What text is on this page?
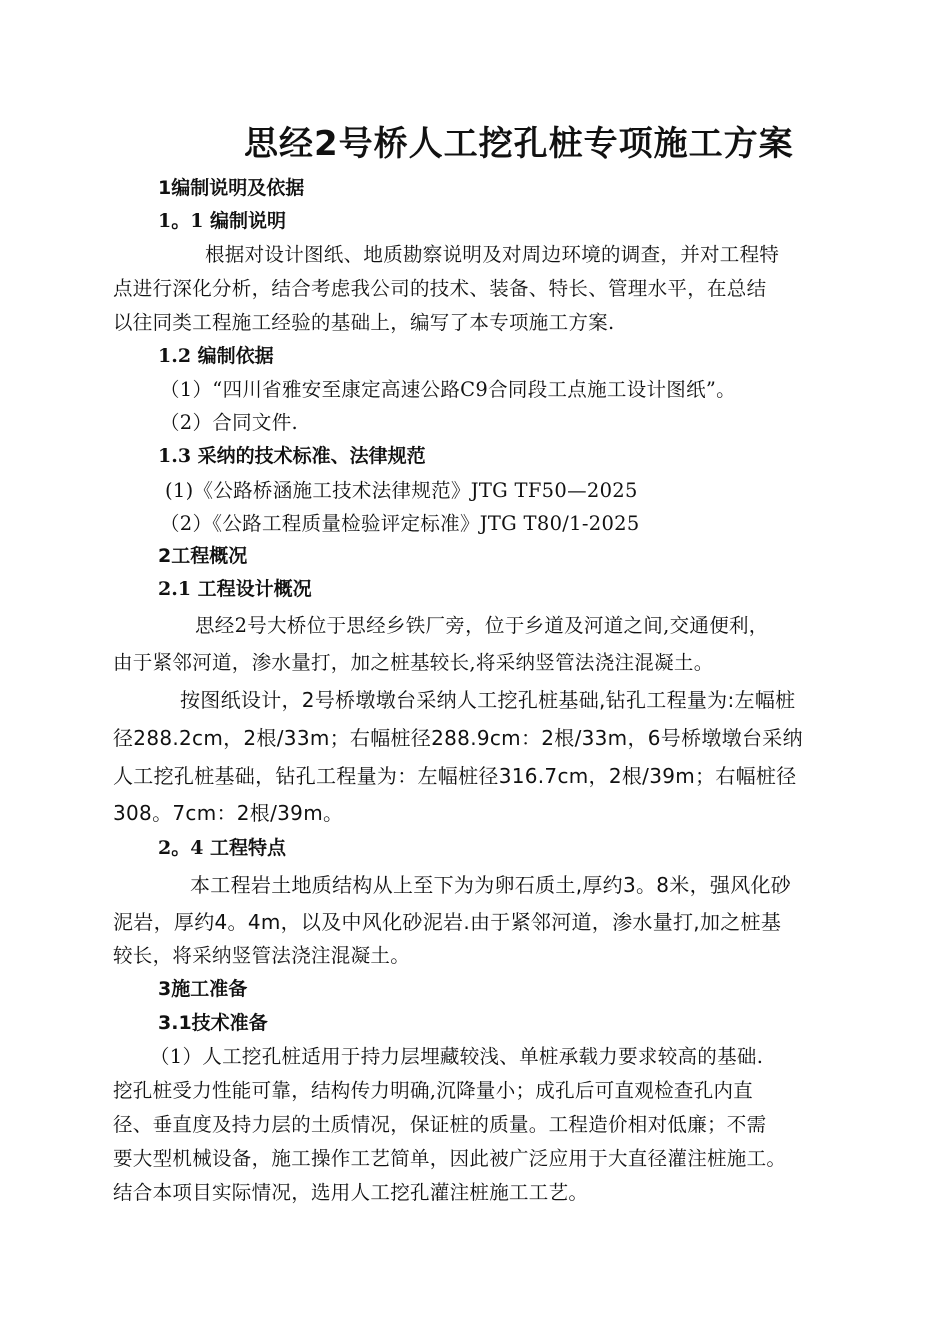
思经2号桥人工挖孔桩专项施工方案
1编制说明及依据
1。1 编制说明
根据对设计图纸、地质勘察说明及对周边环境的调查，并对工程特
点进行深化分析，结合考虑我公司的技术、装备、特长、管理水平，在总结
以往同类工程施工经验的基础上，编写了本专项施工方案.
1.2 编制依据
（1）“四川省雅安至康定高速公路C9合同段工点施工设计图纸”。
（2）合同文件.
1.3 采纳的技术标准、法律规范
(1)《公路桥涵施工技术法律规范》JTG TF50—2025
（2）《公路工程质量检验评定标准》JTG T80/1-2025
2工程概况
2.1 工程设计概况
思经2号大桥位于思经乡铁厂旁，位于乡道及河道之间,交通便利，
由于紧邻河道，渗水量打，加之桩基较长,将采纳竖管法浇注混凝土。
按图纸设计，2号桥墩墩台采纳人工挖孔桩基础,钻孔工程量为:左幅桩
径288.2cm，2根/33m；右幅桩径288.9cm：2根/33m，6号桥墩墩台采纳
人工挖孔桩基础，钻孔工程量为：左幅桩径316.7cm，2根/39m；右幅桩径
308。7cm：2根/39m。
2。4 工程特点
本工程岩土地质结构从上至下为为卵石质土,厚约3。8米，强风化砂
泥岩，厚约4。4m，以及中风化砂泥岩.由于紧邻河道，渗水量打,加之桩基
较长，将采纳竖管法浇注混凝土。
3施工准备
3.1技术准备
（1）人工挖孔桩适用于持力层埋藏较浅、单桩承载力要求较高的基础.
挖孔桩受力性能可靠，结构传力明确,沉降量小；成孔后可直观检查孔内直
径、垂直度及持力层的土质情况，保证桩的质量。工程造价相对低廉；不需
要大型机械设备，施工操作工艺简单，因此被广泛应用于大直径灌注桩施工。
结合本项目实际情况，选用人工挖孔灌注桩施工工艺。
